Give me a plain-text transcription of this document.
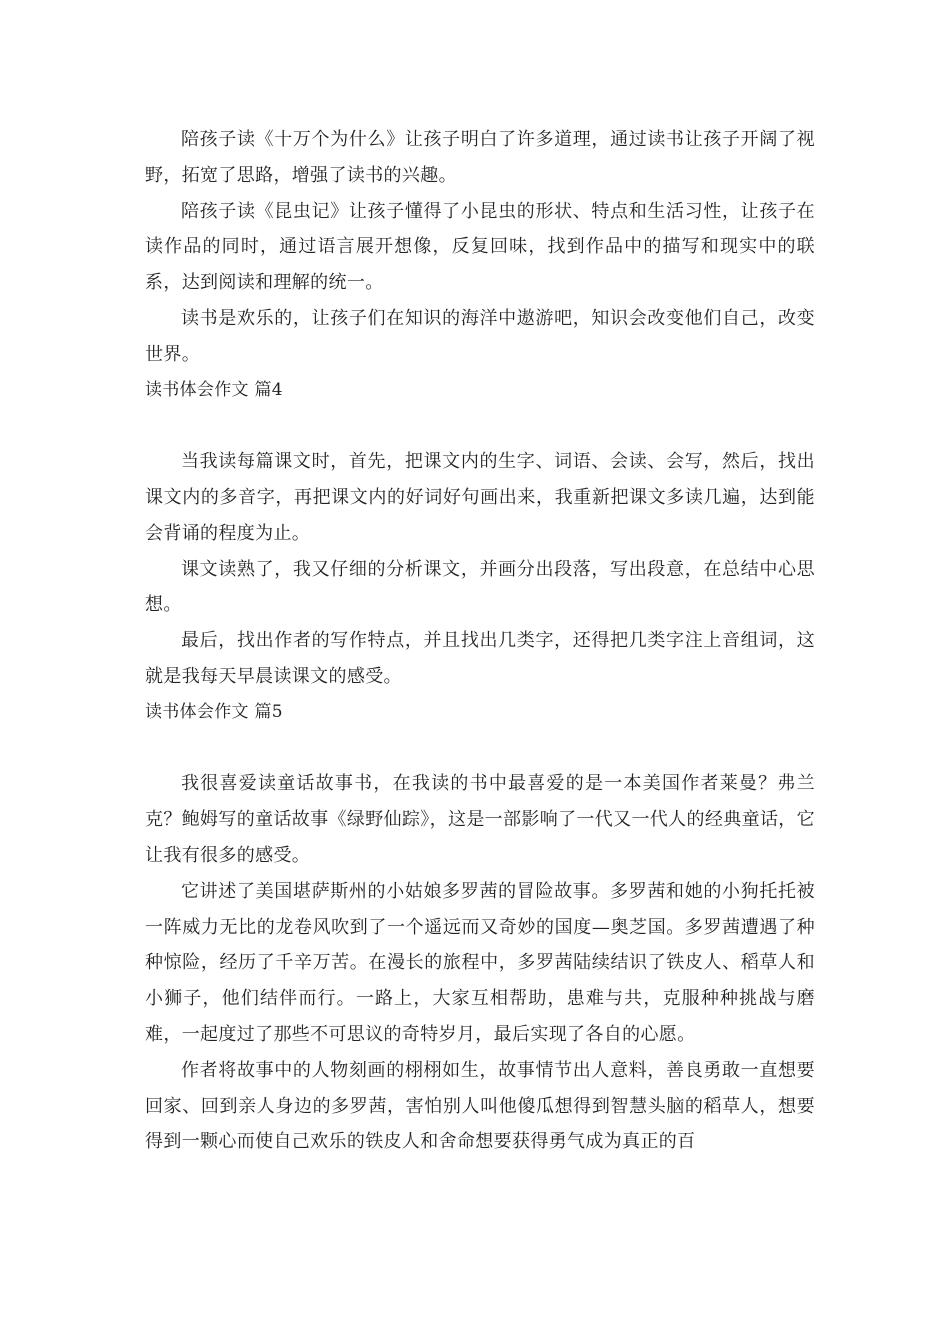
陪孩子读《十万个为什么》让孩子明白了许多道理，通过读书让孩子开阔了视野，拓宽了思路，增强了读书的兴趣。

陪孩子读《昆虫记》让孩子懂得了小昆虫的形状、特点和生活习性，让孩子在读作品的同时，通过语言展开想像，反复回味，找到作品中的描写和现实中的联系，达到阅读和理解的统一。

读书是欢乐的，让孩子们在知识的海洋中遨游吧，知识会改变他们自己，改变世界。

读书体会作文 篇4

当我读每篇课文时，首先，把课文内的生字、词语、会读、会写，然后，找出课文内的多音字，再把课文内的好词好句画出来，我重新把课文多读几遍，达到能会背诵的程度为止。

课文读熟了，我又仔细的分析课文，并画分出段落，写出段意，在总结中心思想。

最后，找出作者的写作特点，并且找出几类字，还得把几类字注上音组词，这就是我每天早晨读课文的感受。

读书体会作文 篇5

我很喜爱读童话故事书，在我读的书中最喜爱的是一本美国作者莱曼？弗兰克？鲍姆写的童话故事《绿野仙踪》，这是一部影响了一代又一代人的经典童话，它让我有很多的感受。

它讲述了美国堪萨斯州的小姑娘多罗茜的冒险故事。多罗茜和她的小狗托托被一阵威力无比的龙卷风吹到了一个遥远而又奇妙的国度—奥芝国。多罗茜遭遇了种种惊险，经历了千辛万苦。在漫长的旅程中，多罗茜陆续结识了铁皮人、稻草人和小狮子，他们结伴而行。一路上，大家互相帮助，患难与共，克服种种挑战与磨难，一起度过了那些不可思议的奇特岁月，最后实现了各自的心愿。

作者将故事中的人物刻画的栩栩如生，故事情节出人意料，善良勇敢一直想要回家、回到亲人身边的多罗茜，害怕别人叫他傻瓜想得到智慧头脑的稻草人，想要得到一颗心而使自己欢乐的铁皮人和舍命想要获得勇气成为真正的百
